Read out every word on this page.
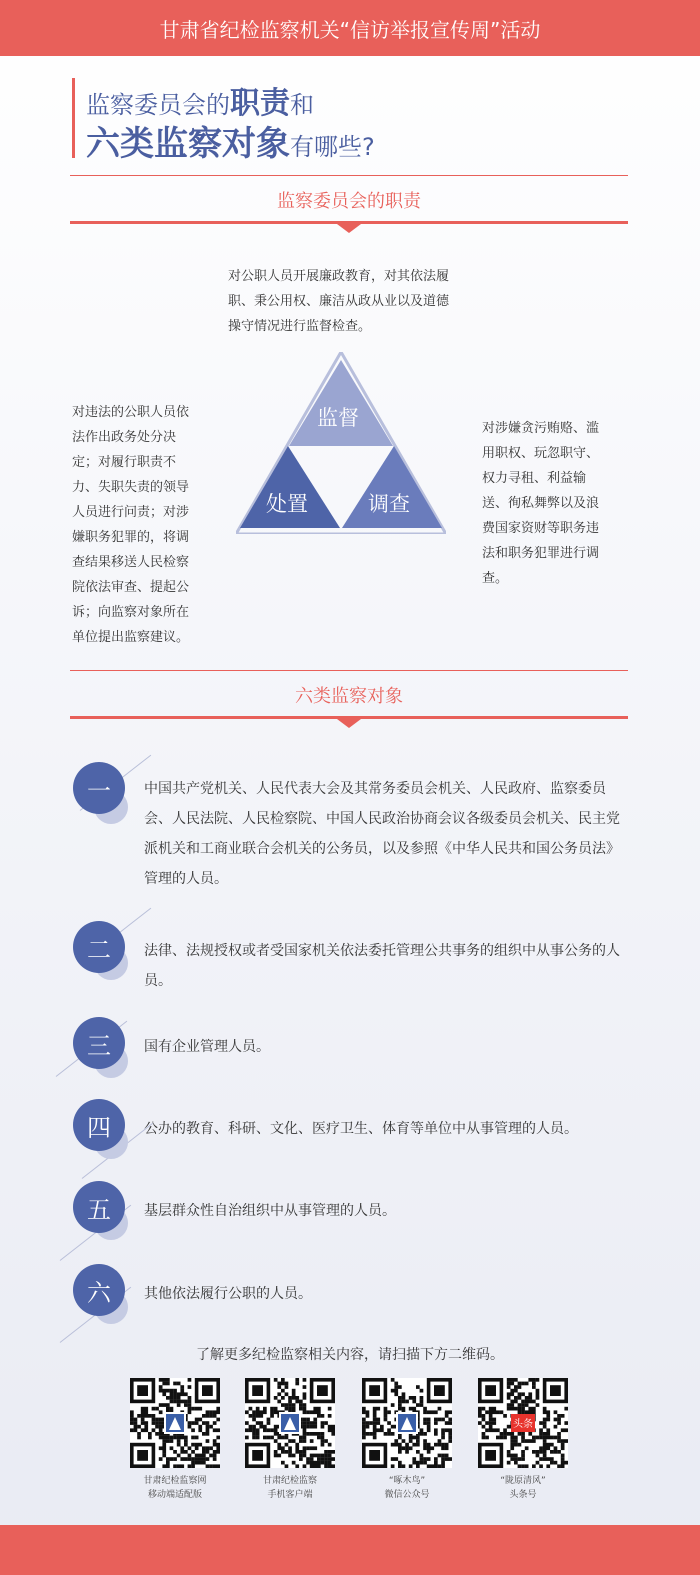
甘肃省纪检监察机关“信访举报宣传周”活动
监察委员会的职责和
六类监察对象有哪些?
监察委员会的职责
对公职人员开展廉政教育，对其依法履职、秉公用权、廉洁从政从业以及道德操守情况进行监督检查。
对违法的公职人员依法作出政务处分决定；对履行职责不力、失职失责的领导人员进行问责；对涉嫌职务犯罪的，将调查结果移送人民检察院依法审查、提起公诉；向监察对象所在单位提出监察建议。
对涉嫌贪污贿赂、滥用职权、玩忽职守、权力寻租、利益输送、徇私舞弊以及浪费国家资财等职务违法和职务犯罪进行调查。
监督
处置	调查
六类监察对象
一	中国共产党机关、人民代表大会及其常务委员会机关、人民政府、监察委员会、人民法院、人民检察院、中国人民政治协商会议各级委员会机关、民主党派机关和工商业联合会机关的公务员，以及参照《中华人民共和国公务员法》管理的人员。
二	法律、法规授权或者受国家机关依法委托管理公共事务的组织中从事公务的人员。
三	国有企业管理人员。
四	公办的教育、科研、文化、医疗卫生、体育等单位中从事管理的人员。
五	基层群众性自治组织中从事管理的人员。
六	其他依法履行公职的人员。
了解更多纪检监察相关内容，请扫描下方二维码。
头条
甘肃纪检监察网
移动端适配版
甘肃纪检监察
手机客户端
“啄木鸟”
微信公众号
“陇原清风”
头条号
